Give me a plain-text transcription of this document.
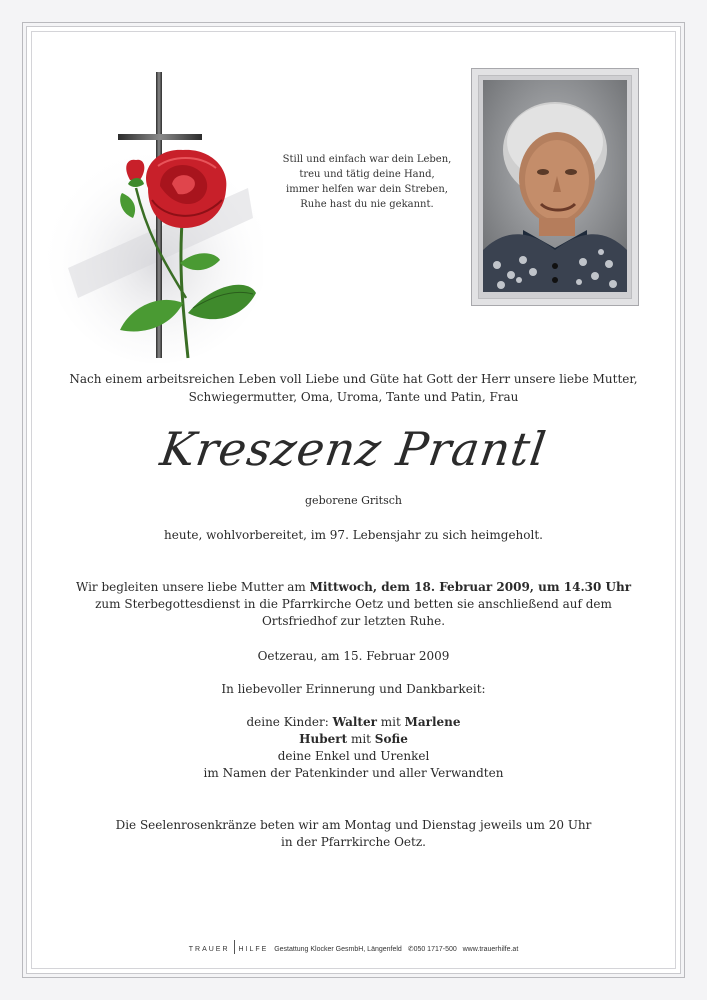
Still und einfach war dein Leben,
treu und tätig deine Hand,
immer helfen war dein Streben,
Ruhe hast du nie gekannt.
Nach einem arbeitsreichen Leben voll Liebe und Güte hat Gott der Herr unsere liebe Mutter,
Schwiegermutter, Oma, Uroma, Tante und Patin, Frau
Kreszenz Prantl
geborene Gritsch
heute, wohlvorbereitet, im 97. Lebensjahr zu sich heimgeholt.
Wir begleiten unsere liebe Mutter am Mittwoch, dem 18. Februar 2009, um 14.30 Uhr
zum Sterbegottesdienst in die Pfarrkirche Oetz und betten sie anschließend auf dem
Ortsfriedhof zur letzten Ruhe.
Oetzerau, am 15. Februar 2009
In liebevoller Erinnerung und Dankbarkeit:
deine Kinder: Walter mit Marlene
Hubert mit Sofie
deine Enkel und Urenkel
im Namen der Patenkinder und aller Verwandten
Die Seelenrosenkränze beten wir am Montag und Dienstag jeweils um 20 Uhr
in der Pfarrkirche Oetz.
TRAUER HILFE Gestattung Klocker GesmbH, Längenfeld ✆050 1717-500 www.trauerhilfe.at
